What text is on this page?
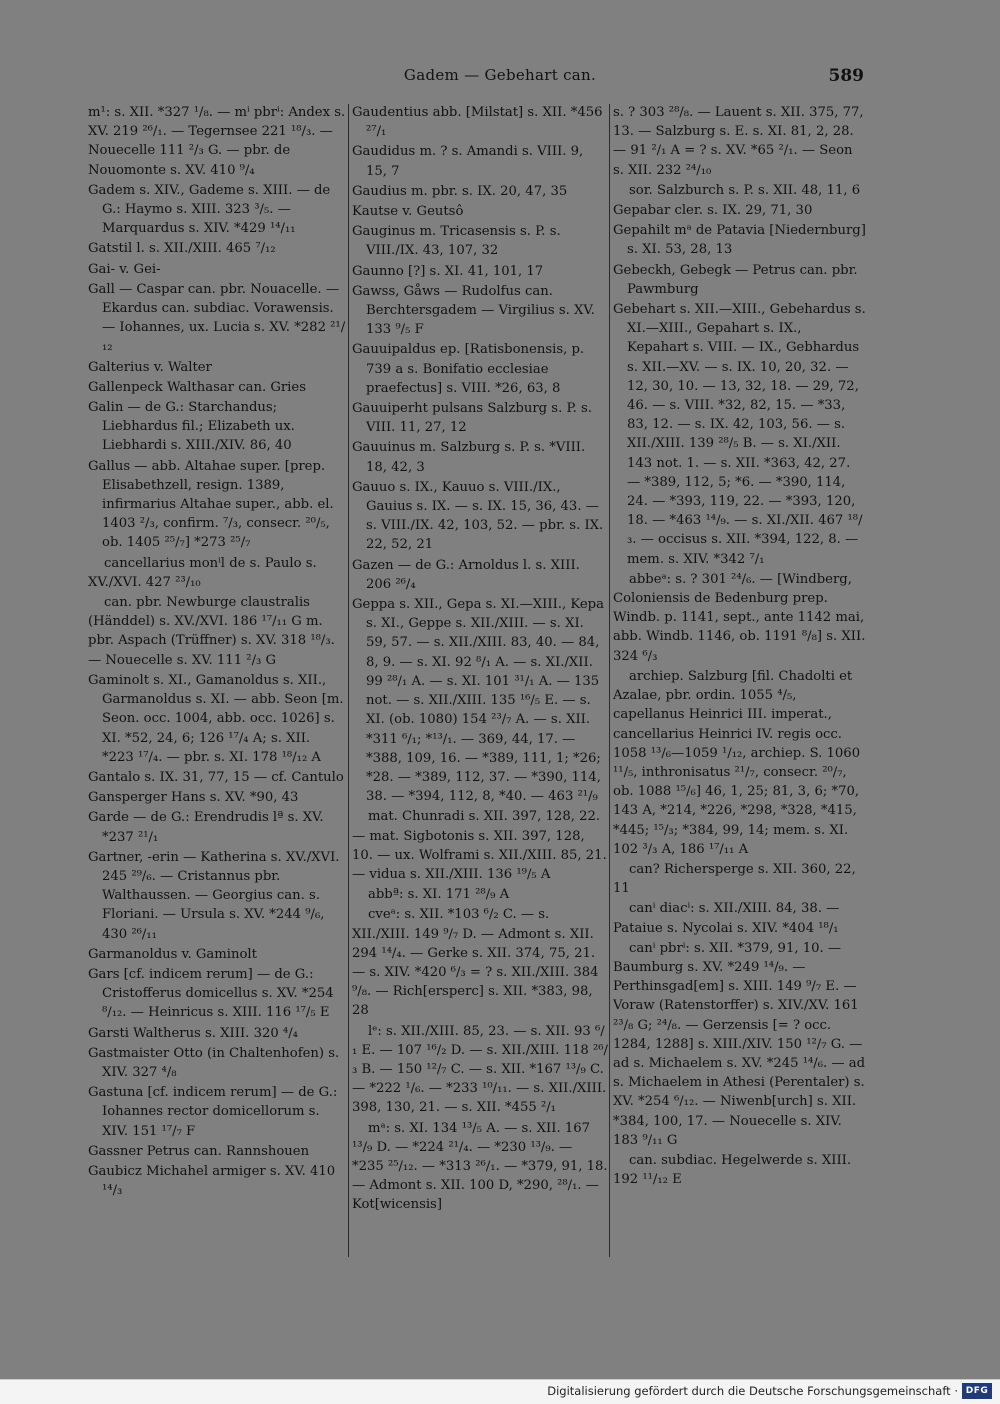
Gadem — Gebehart can.	589
m¹: s. XII. *327 ¹/₈. — mⁱ pbrⁱ: Andex s. XV. 219 ²⁶/₁. — Tegernsee 221 ¹⁸/₃. — Nouecelle 111 ²/₃ G. — pbr. de Nouomonte s. XV. 410 ⁹/₄
Gadem s. XIV., Gademe s. XIII. — de G.: Haymo s. XIII. 323 ³/₅. — Marquardus s. XIV. *429 ¹⁴/₁₁
Gatstil l. s. XII./XIII. 465 ⁷/₁₂
Gai- v. Gei-
Gall — Caspar can. pbr. Nouacelle. — Ekardus can. subdiac. Vorawensis. — Iohannes, ux. Lucia s. XV. *282 ²¹/₁₂
Galterius v. Walter
Gallenpeck Walthasar can. Gries
Galin — de G.: Starchandus; Liebhardus fil.; Elizabeth ux. Liebhardi s. XIII./XIV. 86, 40
Gallus — abb. Altahae super. [prep. Elisabethzell, resign. 1389, infirmarius Altahae super., abb. el. 1403 ²/₃, confirm. ⁷/₃, consecr. ²⁰/₅, ob. 1405 ²⁵/₇] *273 ²⁵/₇
cancellarius monⁱl de s. Paulo s. XV./XVI. 427 ²³/₁₀
can. pbr. Newburge claustralis (Händdel) s. XV./XVI. 186 ¹⁷/₁₁ G m. pbr. Aspach (Trüffner) s. XV. 318 ¹⁸/₃. — Nouecelle s. XV. 111 ²/₃ G
Gaminolt s. XI., Gamanoldus s. XII., Garmanoldus s. XI. — abb. Seon [m. Seon. occ. 1004, abb. occ. 1026] s. XI. *52, 24, 6; 126 ¹⁷/₄ A; s. XII. *223 ¹⁷/₄. — pbr. s. XI. 178 ¹⁸/₁₂ A
Gantalo s. IX. 31, 77, 15 — cf. Cantulo
Gansperger Hans s. XV. *90, 43
Garde — de G.: Erendrudis lª s. XV. *237 ²¹/₁
Gartner, -erin — Katherina s. XV./XVI. 245 ²⁹/₆. — Cristannus pbr. Walthaussen. — Georgius can. s. Floriani. — Ursula s. XV. *244 ⁹/₆, 430 ²⁶/₁₁
Garmanoldus v. Gaminolt
Gars [cf. indicem rerum] — de G.: Cristofferus domicellus s. XV. *254 ⁸/₁₂. — Heinricus s. XIII. 116 ¹⁷/₅ E
Garsti Waltherus s. XIII. 320 ⁴/₄
Gastmaister Otto (in Chaltenhofen) s. XIV. 327 ⁴/₈
Gastuna [cf. indicem rerum] — de G.: Iohannes rector domicellorum s. XIV. 151 ¹⁷/₇ F
Gassner Petrus can. Rannshouen
Gaubicz Michahel armiger s. XV. 410 ¹⁴/₃
Gaudentius abb. [Milstat] s. XII. *456 ²⁷/₁
Gaudidus m. ? s. Amandi s. VIII. 9, 15, 7
Gaudius m. pbr. s. IX. 20, 47, 35
Kautse v. Geutsô
Gauginus m. Tricasensis s. P. s. VIII./IX. 43, 107, 32
Gaunno [?] s. XI. 41, 101, 17
Gawss, Gåws — Rudolfus can. Berchtersgadem — Virgilius s. XV. 133 ⁹/₅ F
Gauuipaldus ep. [Ratisbonensis, p. 739 a s. Bonifatio ecclesiae praefectus] s. VIII. *26, 63, 8
Gauuiperht pulsans Salzburg s. P. s. VIII. 11, 27, 12
Gauuinus m. Salzburg s. P. s. *VIII. 18, 42, 3
Gauuo s. IX., Kauuo s. VIII./IX., Gauius s. IX. — s. IX. 15, 36, 43. — s. VIII./IX. 42, 103, 52. — pbr. s. IX. 22, 52, 21
Gazen — de G.: Arnoldus l. s. XIII. 206 ²⁶/₄
Geppa s. XII., Gepa s. XI.—XIII., Kepa s. XI., Geppe s. XII./XIII. — s. XI. 59, 57. — s. XII./XIII. 83, 40. — 84, 8, 9. — s. XI. 92 ⁸/₁ A. — s. XI./XII. 99 ²⁸/₁ A. — s. XI. 101 ³¹/₁ A. — 135 not. — s. XII./XIII. 135 ¹⁶/₅ E. — s. XI. (ob. 1080) 154 ²³/₇ A. — s. XII. *311 ⁶/₁; *¹³/₁. — 369, 44, 17. — *388, 109, 16. — *389, 111, 1; *26; *28. — *389, 112, 37. — *390, 114, 38. — *394, 112, 8, *40. — 463 ²¹/₉
mat. Chunradi s. XII. 397, 128, 22. — mat. Sigbotonis s. XII. 397, 128, 10. — ux. Wolframi s. XII./XIII. 85, 21. — vidua s. XII./XIII. 136 ¹⁹/₅ A
abbª: s. XI. 171 ²⁸/₉ A
cveᵃ: s. XII. *103 ⁶/₂ C. — s. XII./XIII. 149 ⁹/₇ D. — Admont s. XII. 294 ¹⁴/₄. — Gerke s. XII. 374, 75, 21. — s. XIV. *420 ⁶/₃ = ? s. XII./XIII. 384 ⁹/₈. — Rich[ersperc] s. XII. *383, 98, 28
lᵉ: s. XII./XIII. 85, 23. — s. XII. 93 ⁶/₁ E. — 107 ¹⁶/₂ D. — s. XII./XIII. 118 ²⁶/₃ B. — 150 ¹²/₇ C. — s. XII. *167 ¹³/₉ C. — *222 ¹/₆. — *233 ¹⁰/₁₁. — s. XII./XIII. 398, 130, 21. — s. XII. *455 ²/₁
mᵃ: s. XI. 134 ¹³/₅ A. — s. XII. 167 ¹³/₉ D. — *224 ²¹/₄. — *230 ¹³/₉. — *235 ²⁵/₁₂. — *313 ²⁶/₁. — *379, 91, 18. — Admont s. XII. 100 D, *290, ²⁸/₁. — Kot[wicensis]
s. ? 303 ²⁸/₈. — Lauent s. XII. 375, 77, 13. — Salzburg s. E. s. XI. 81, 2, 28. — 91 ²/₁ A = ? s. XV. *65 ²/₁. — Seon s. XII. 232 ²⁴/₁₀
sor. Salzburch s. P. s. XII. 48, 11, 6
Gepabar cler. s. IX. 29, 71, 30
Gepahilt mᵃ de Patavia [Niedernburg] s. XI. 53, 28, 13
Gebeckh, Gebegk — Petrus can. pbr. Pawmburg
Gebehart s. XII.—XIII., Gebehardus s. XI.—XIII., Gepahart s. IX., Kepahart s. VIII. — IX., Gebhardus s. XII.—XV. — s. IX. 10, 20, 32. — 12, 30, 10. — 13, 32, 18. — 29, 72, 46. — s. VIII. *32, 82, 15. — *33, 83, 12. — s. IX. 42, 103, 56. — s. XII./XIII. 139 ²⁸/₅ B. — s. XI./XII. 143 not. 1. — s. XII. *363, 42, 27. — *389, 112, 5; *6. — *390, 114, 24. — *393, 119, 22. — *393, 120, 18. — *463 ¹⁴/₉. — s. XI./XII. 467 ¹⁸/₃. — occisus s. XII. *394, 122, 8. — mem. s. XIV. *342 ⁷/₁
abbeᵃ: s. ? 301 ²⁴/₆. — [Windberg, Coloniensis de Bedenburg prep. Windb. p. 1141, sept., ante 1142 mai, abb. Windb. 1146, ob. 1191 ⁸/₈] s. XII. 324 ⁶/₃
archiep. Salzburg [fil. Chadolti et Azalae, pbr. ordin. 1055 ⁴/₅, capellanus Heinrici III. imperat., cancellarius Heinrici IV. regis occ. 1058 ¹³/₆—1059 ¹/₁₂, archiep. S. 1060 ¹¹/₅, inthronisatus ²¹/₇, consecr. ²⁰/₇, ob. 1088 ¹⁵/₆] 46, 1, 25; 81, 3, 6; *70, 143 A, *214, *226, *298, *328, *415, *445; ¹⁵/₃; *384, 99, 14; mem. s. XI. 102 ³/₃ A, 186 ¹⁷/₁₁ A
can? Richersperge s. XII. 360, 22, 11
canⁱ diacⁱ: s. XII./XIII. 84, 38. — Pataiue s. Nycolai s. XIV. *404 ¹⁸/₁
canⁱ pbrⁱ: s. XII. *379, 91, 10. — Baumburg s. XV. *249 ¹⁴/₉. — Perthinsgad[em] s. XIII. 149 ⁹/₇ E. — Voraw (Ratenstorffer) s. XIV./XV. 161 ²³/₈ G; ²⁴/₈. — Gerzensis [= ? occ. 1284, 1288] s. XIII./XIV. 150 ¹²/₇ G. — ad s. Michaelem s. XV. *245 ¹⁴/₆. — ad s. Michaelem in Athesi (Perentaler) s. XV. *254 ⁶/₁₂. — Niwenb[urch] s. XII. *384, 100, 17. — Nouecelle s. XIV. 183 ⁹/₁₁ G
can. subdiac. Hegelwerde s. XIII. 192 ¹¹/₁₂ E
Digitalisierung gefördert durch die Deutsche Forschungsgemeinschaft · DFG
